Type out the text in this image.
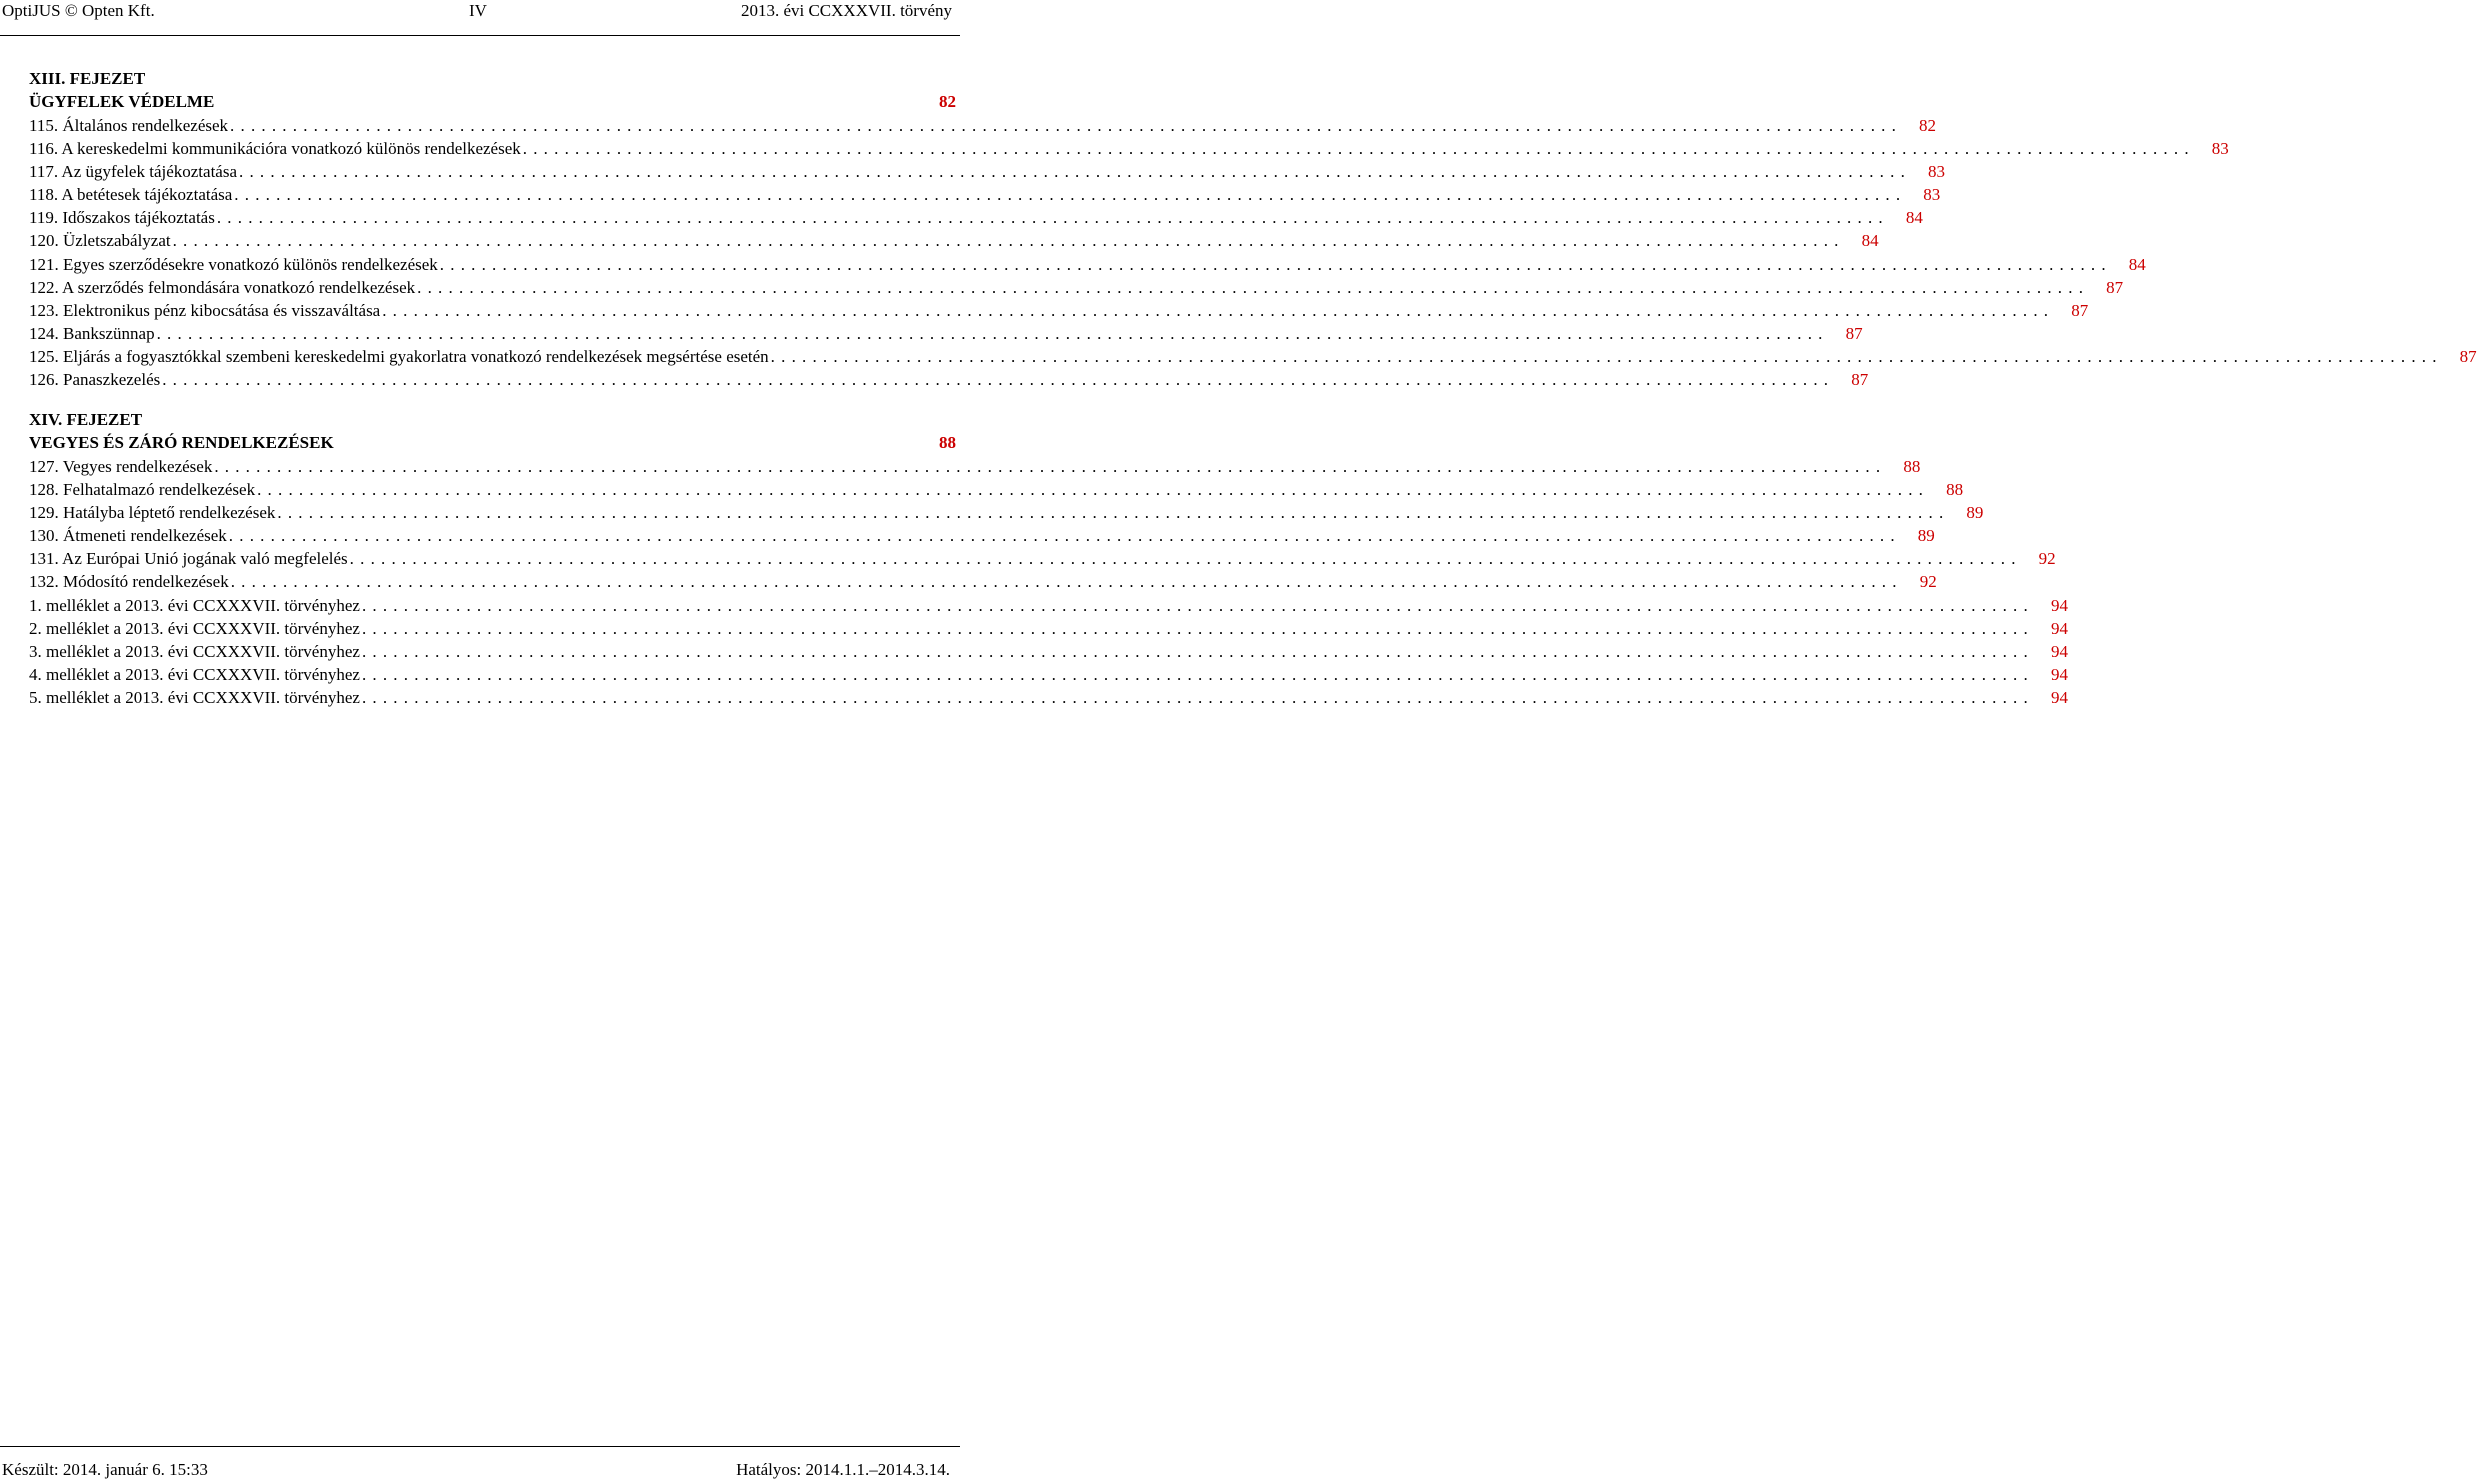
OptiJUS © Opten Kft.	IV	2013. évi CCXXXVII. törvény
XIII. FEJEZET
ÜGYFELEK VÉDELME	82
115. Általános rendelkezések ................................................................................................................................................................	82
116. A kereskedelmi kommunikációra vonatkozó különös rendelkezések ................................................................................................................................................................	83
117. Az ügyfelek tájékoztatása ................................................................................................................................................................	83
118. A betétesek tájékoztatása ................................................................................................................................................................	83
119. Időszakos tájékoztatás ................................................................................................................................................................	84
120. Üzletszabályzat ................................................................................................................................................................	84
121. Egyes szerződésekre vonatkozó különös rendelkezések ................................................................................................................................................................	84
122. A szerződés felmondására vonatkozó rendelkezések ................................................................................................................................................................	87
123. Elektronikus pénz kibocsátása és visszaváltása ................................................................................................................................................................	87
124. Bankszünnap ................................................................................................................................................................	87
125. Eljárás a fogyasztókkal szembeni kereskedelmi gyakorlatra vonatkozó rendelkezések megsértése esetén ................................................................................................................................................................	87
126. Panaszkezelés ................................................................................................................................................................	87
XIV. FEJEZET
VEGYES ÉS ZÁRÓ RENDELKEZÉSEK	88
127. Vegyes rendelkezések ................................................................................................................................................................	88
128. Felhatalmazó rendelkezések ................................................................................................................................................................	88
129. Hatályba léptető rendelkezések ................................................................................................................................................................	89
130. Átmeneti rendelkezések ................................................................................................................................................................	89
131. Az Európai Unió jogának való megfelelés ................................................................................................................................................................	92
132. Módosító rendelkezések ................................................................................................................................................................	92
1. melléklet a 2013. évi CCXXXVII. törvényhez ................................................................................................................................................................	94
2. melléklet a 2013. évi CCXXXVII. törvényhez ................................................................................................................................................................	94
3. melléklet a 2013. évi CCXXXVII. törvényhez ................................................................................................................................................................	94
4. melléklet a 2013. évi CCXXXVII. törvényhez ................................................................................................................................................................	94
5. melléklet a 2013. évi CCXXXVII. törvényhez ................................................................................................................................................................	94
Készült: 2014. január 6. 15:33	Hatályos: 2014.1.1.–2014.3.14.
